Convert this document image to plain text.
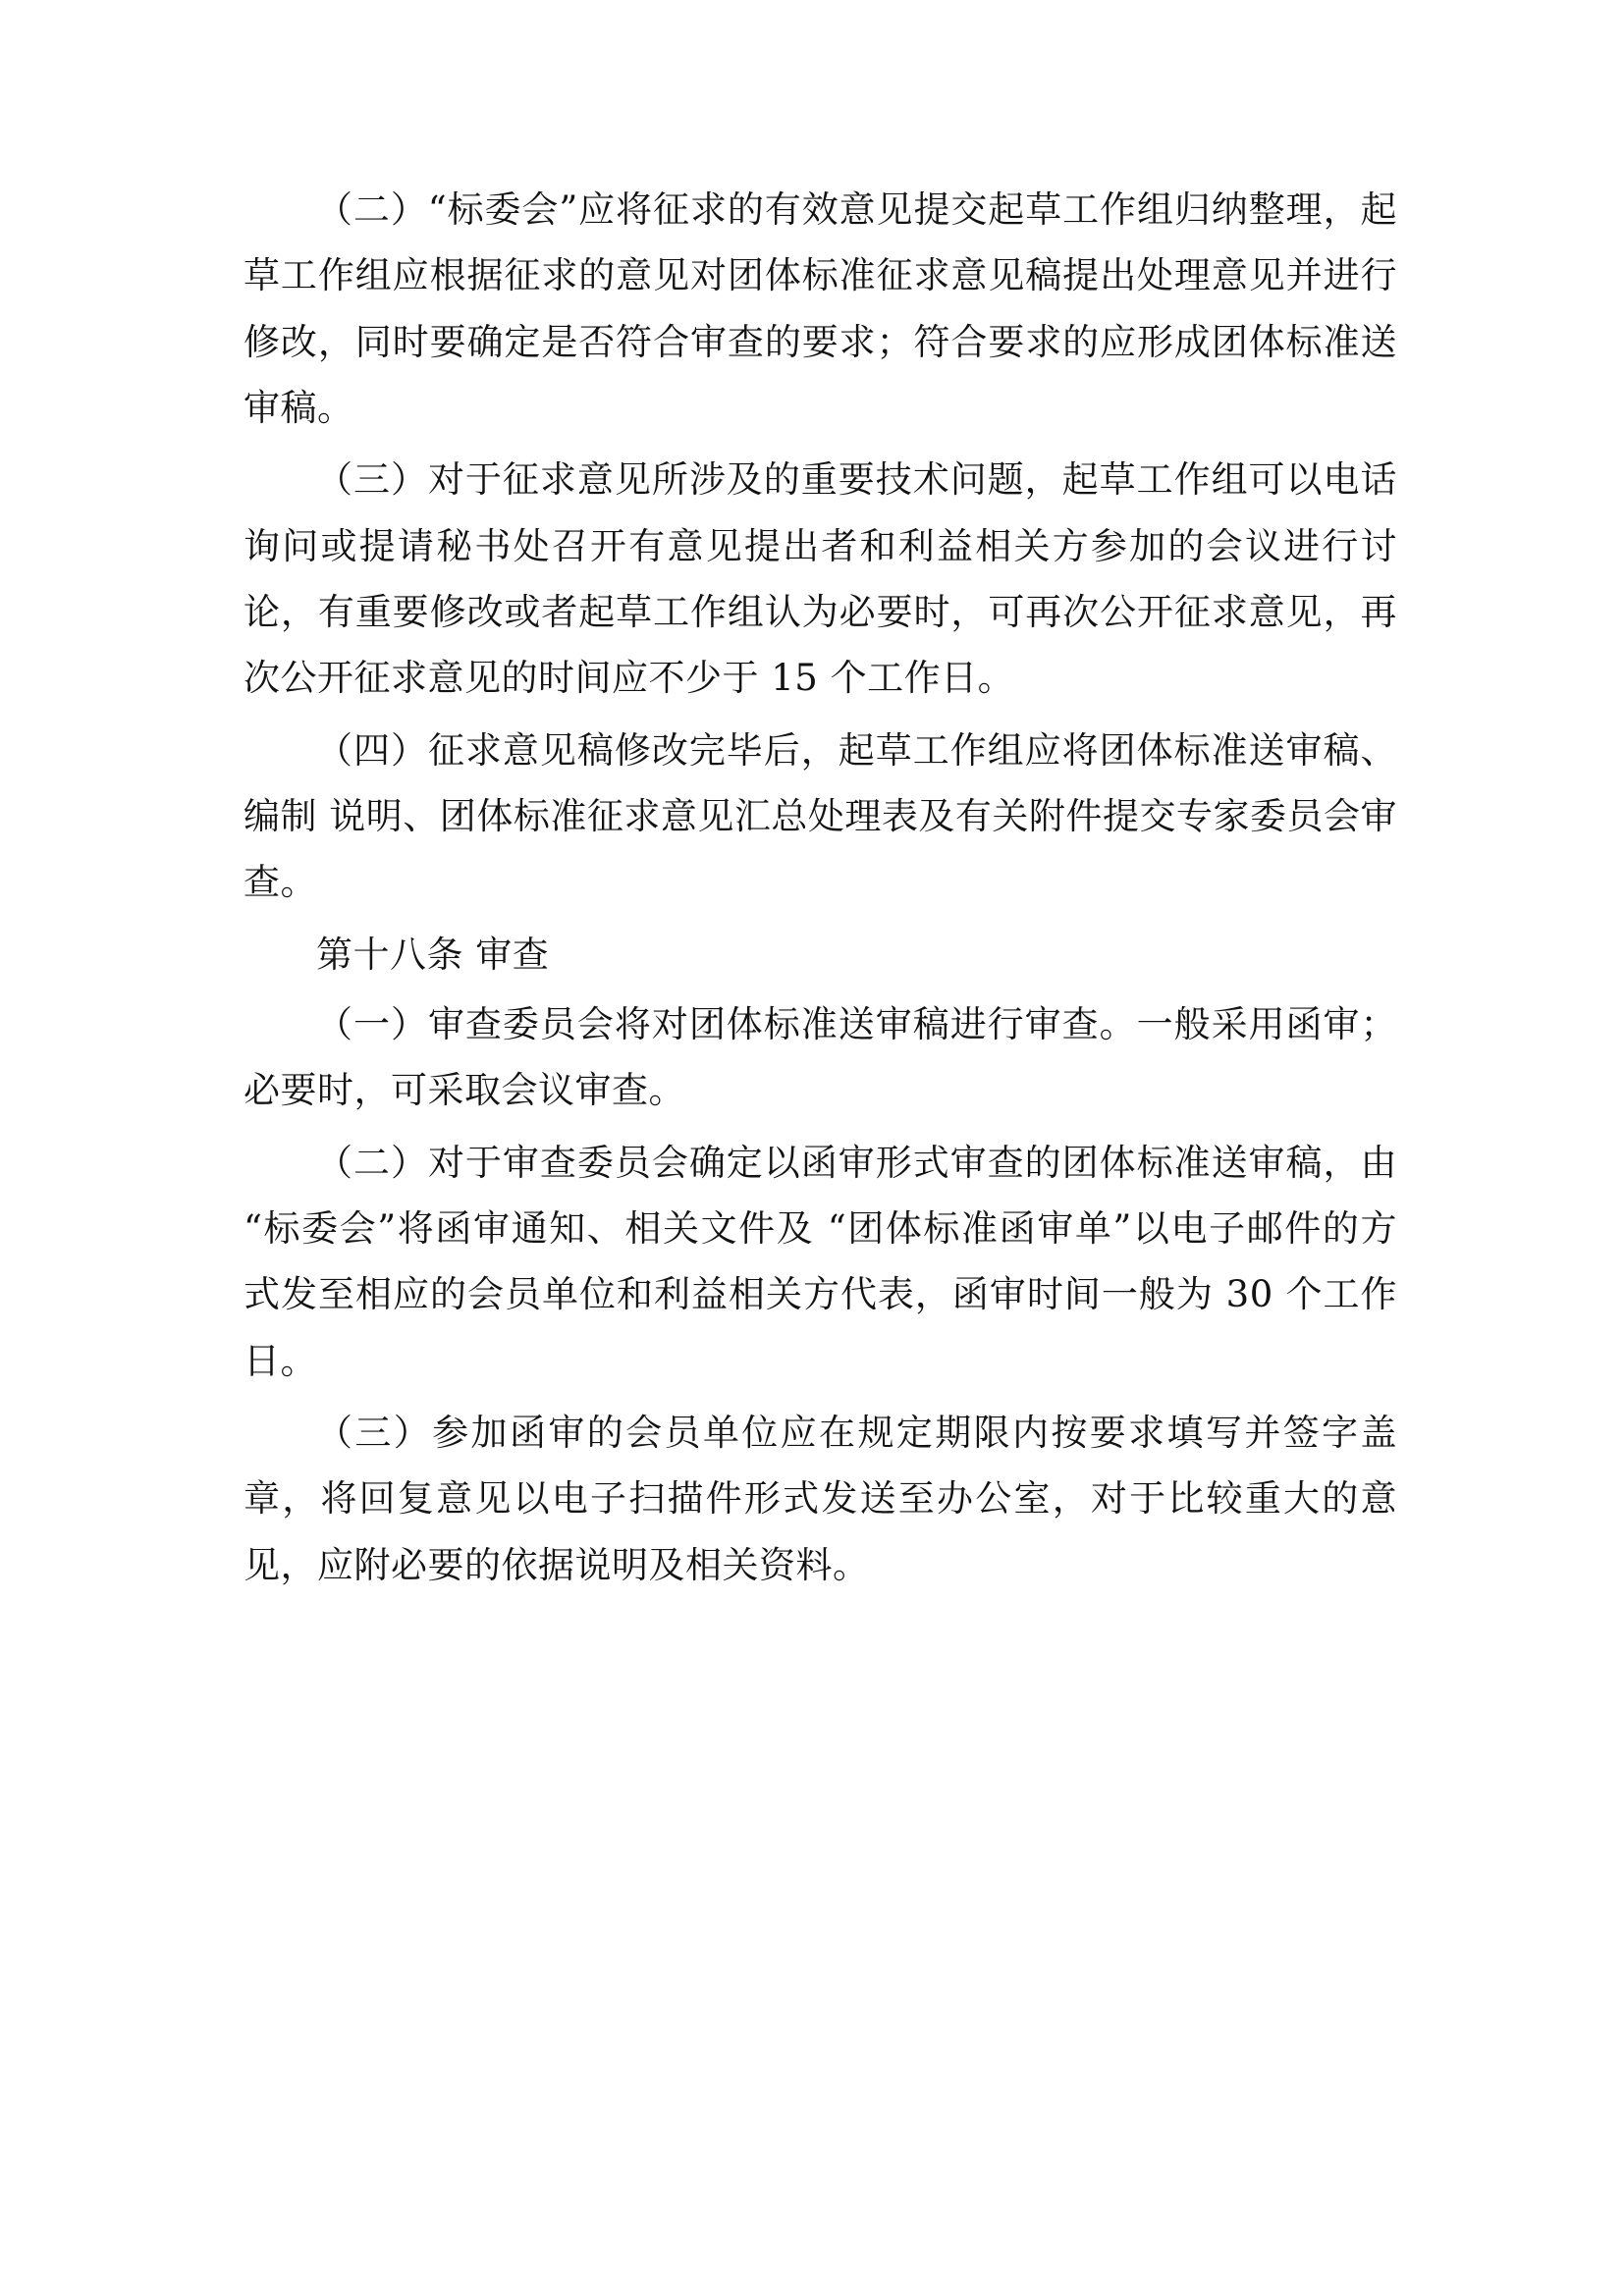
（二）“标委会”应将征求的有效意见提交起草工作组归纳整理，起草工作组应根据征求的意见对团体标准征求意见稿提出处理意见并进行修改，同时要确定是否符合审查的要求；符合要求的应形成团体标准送审稿。

（三）对于征求意见所涉及的重要技术问题，起草工作组可以电话询问或提请秘书处召开有意见提出者和利益相关方参加的会议进行讨论，有重要修改或者起草工作组认为必要时，可再次公开征求意见，再次公开征求意见的时间应不少于 15 个工作日。

（四）征求意见稿修改完毕后，起草工作组应将团体标准送审稿、编制 说明、团体标准征求意见汇总处理表及有关附件提交专家委员会审查。

第十八条 审查

（一）审查委员会将对团体标准送审稿进行审查。一般采用函审；必要时，可采取会议审查。

（二）对于审查委员会确定以函审形式审查的团体标准送审稿，由 “标委会”将函审通知、相关文件及 “团体标准函审单”以电子邮件的方式发至相应的会员单位和利益相关方代表，函审时间一般为 30 个工作日。

（三）参加函审的会员单位应在规定期限内按要求填写并签字盖章，将回复意见以电子扫描件形式发送至办公室，对于比较重大的意见，应附必要的依据说明及相关资料。
